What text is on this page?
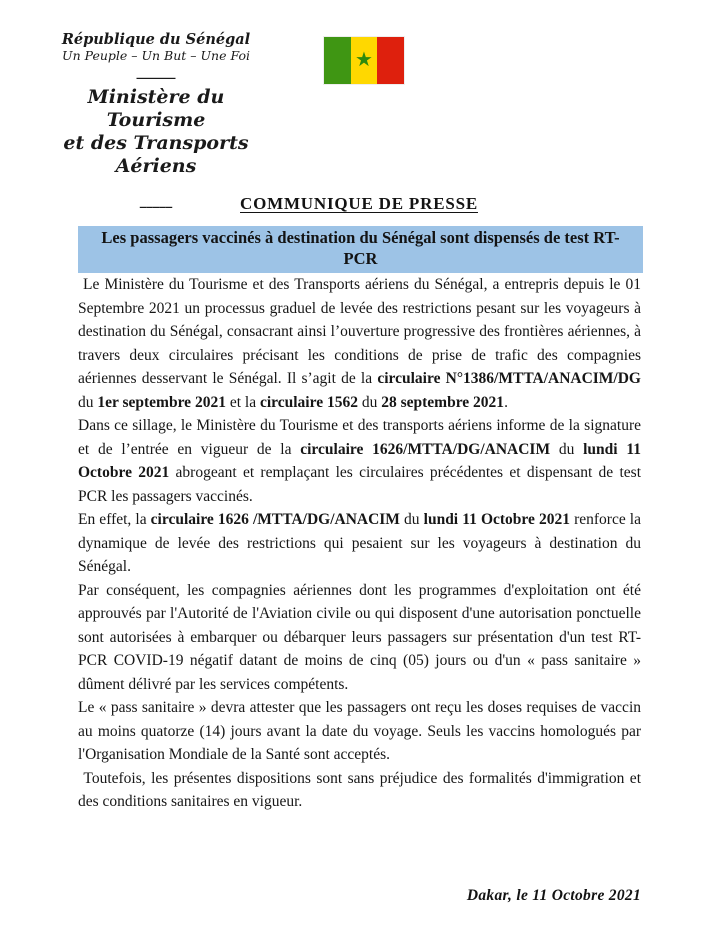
République du Sénégal
Un Peuple – Un But – Une Foi
______
Ministère du Tourisme
et des Transports Aériens
_____
★
COMMUNIQUE DE PRESSE
Les passagers vaccinés à destination du Sénégal sont dispensés de test RT-PCR

Le Ministère du Tourisme et des Transports aériens du Sénégal, a entrepris depuis le 01 Septembre 2021 un processus graduel de levée des restrictions pesant sur les voyageurs à destination du Sénégal, consacrant ainsi l’ouverture progressive des frontières aériennes, à travers deux circulaires précisant les conditions de prise de trafic des compagnies aériennes desservant le Sénégal. Il s’agit de la circulaire N°1386/MTTA/ANACIM/DG du 1er septembre 2021 et la circulaire 1562 du 28 septembre 2021.

Dans ce sillage, le Ministère du Tourisme et des transports aériens informe de la signature et de l’entrée en vigueur de la circulaire 1626/MTTA/DG/ANACIM du lundi 11 Octobre 2021 abrogeant et remplaçant les circulaires précédentes et dispensant de test PCR les passagers vaccinés.

En effet, la circulaire 1626 /MTTA/DG/ANACIM du lundi 11 Octobre 2021 renforce la dynamique de levée des restrictions qui pesaient sur les voyageurs à destination du Sénégal.

Par conséquent, les compagnies aériennes dont les programmes d'exploitation ont été approuvés par l'Autorité de l'Aviation civile ou qui disposent d'une autorisation ponctuelle sont autorisées à embarquer ou débarquer leurs passagers sur présentation d'un test RT-PCR COVID-19 négatif datant de moins de cinq (05) jours ou d'un « pass sanitaire » dûment délivré par les services compétents.

Le « pass sanitaire » devra attester que les passagers ont reçu les doses requises de vaccin au moins quatorze (14) jours avant la date du voyage. Seuls les vaccins homologués par l'Organisation Mondiale de la Santé sont acceptés.

Toutefois, les présentes dispositions sont sans préjudice des formalités d'immigration et des conditions sanitaires en vigueur.

Dakar, le 11 Octobre 2021
